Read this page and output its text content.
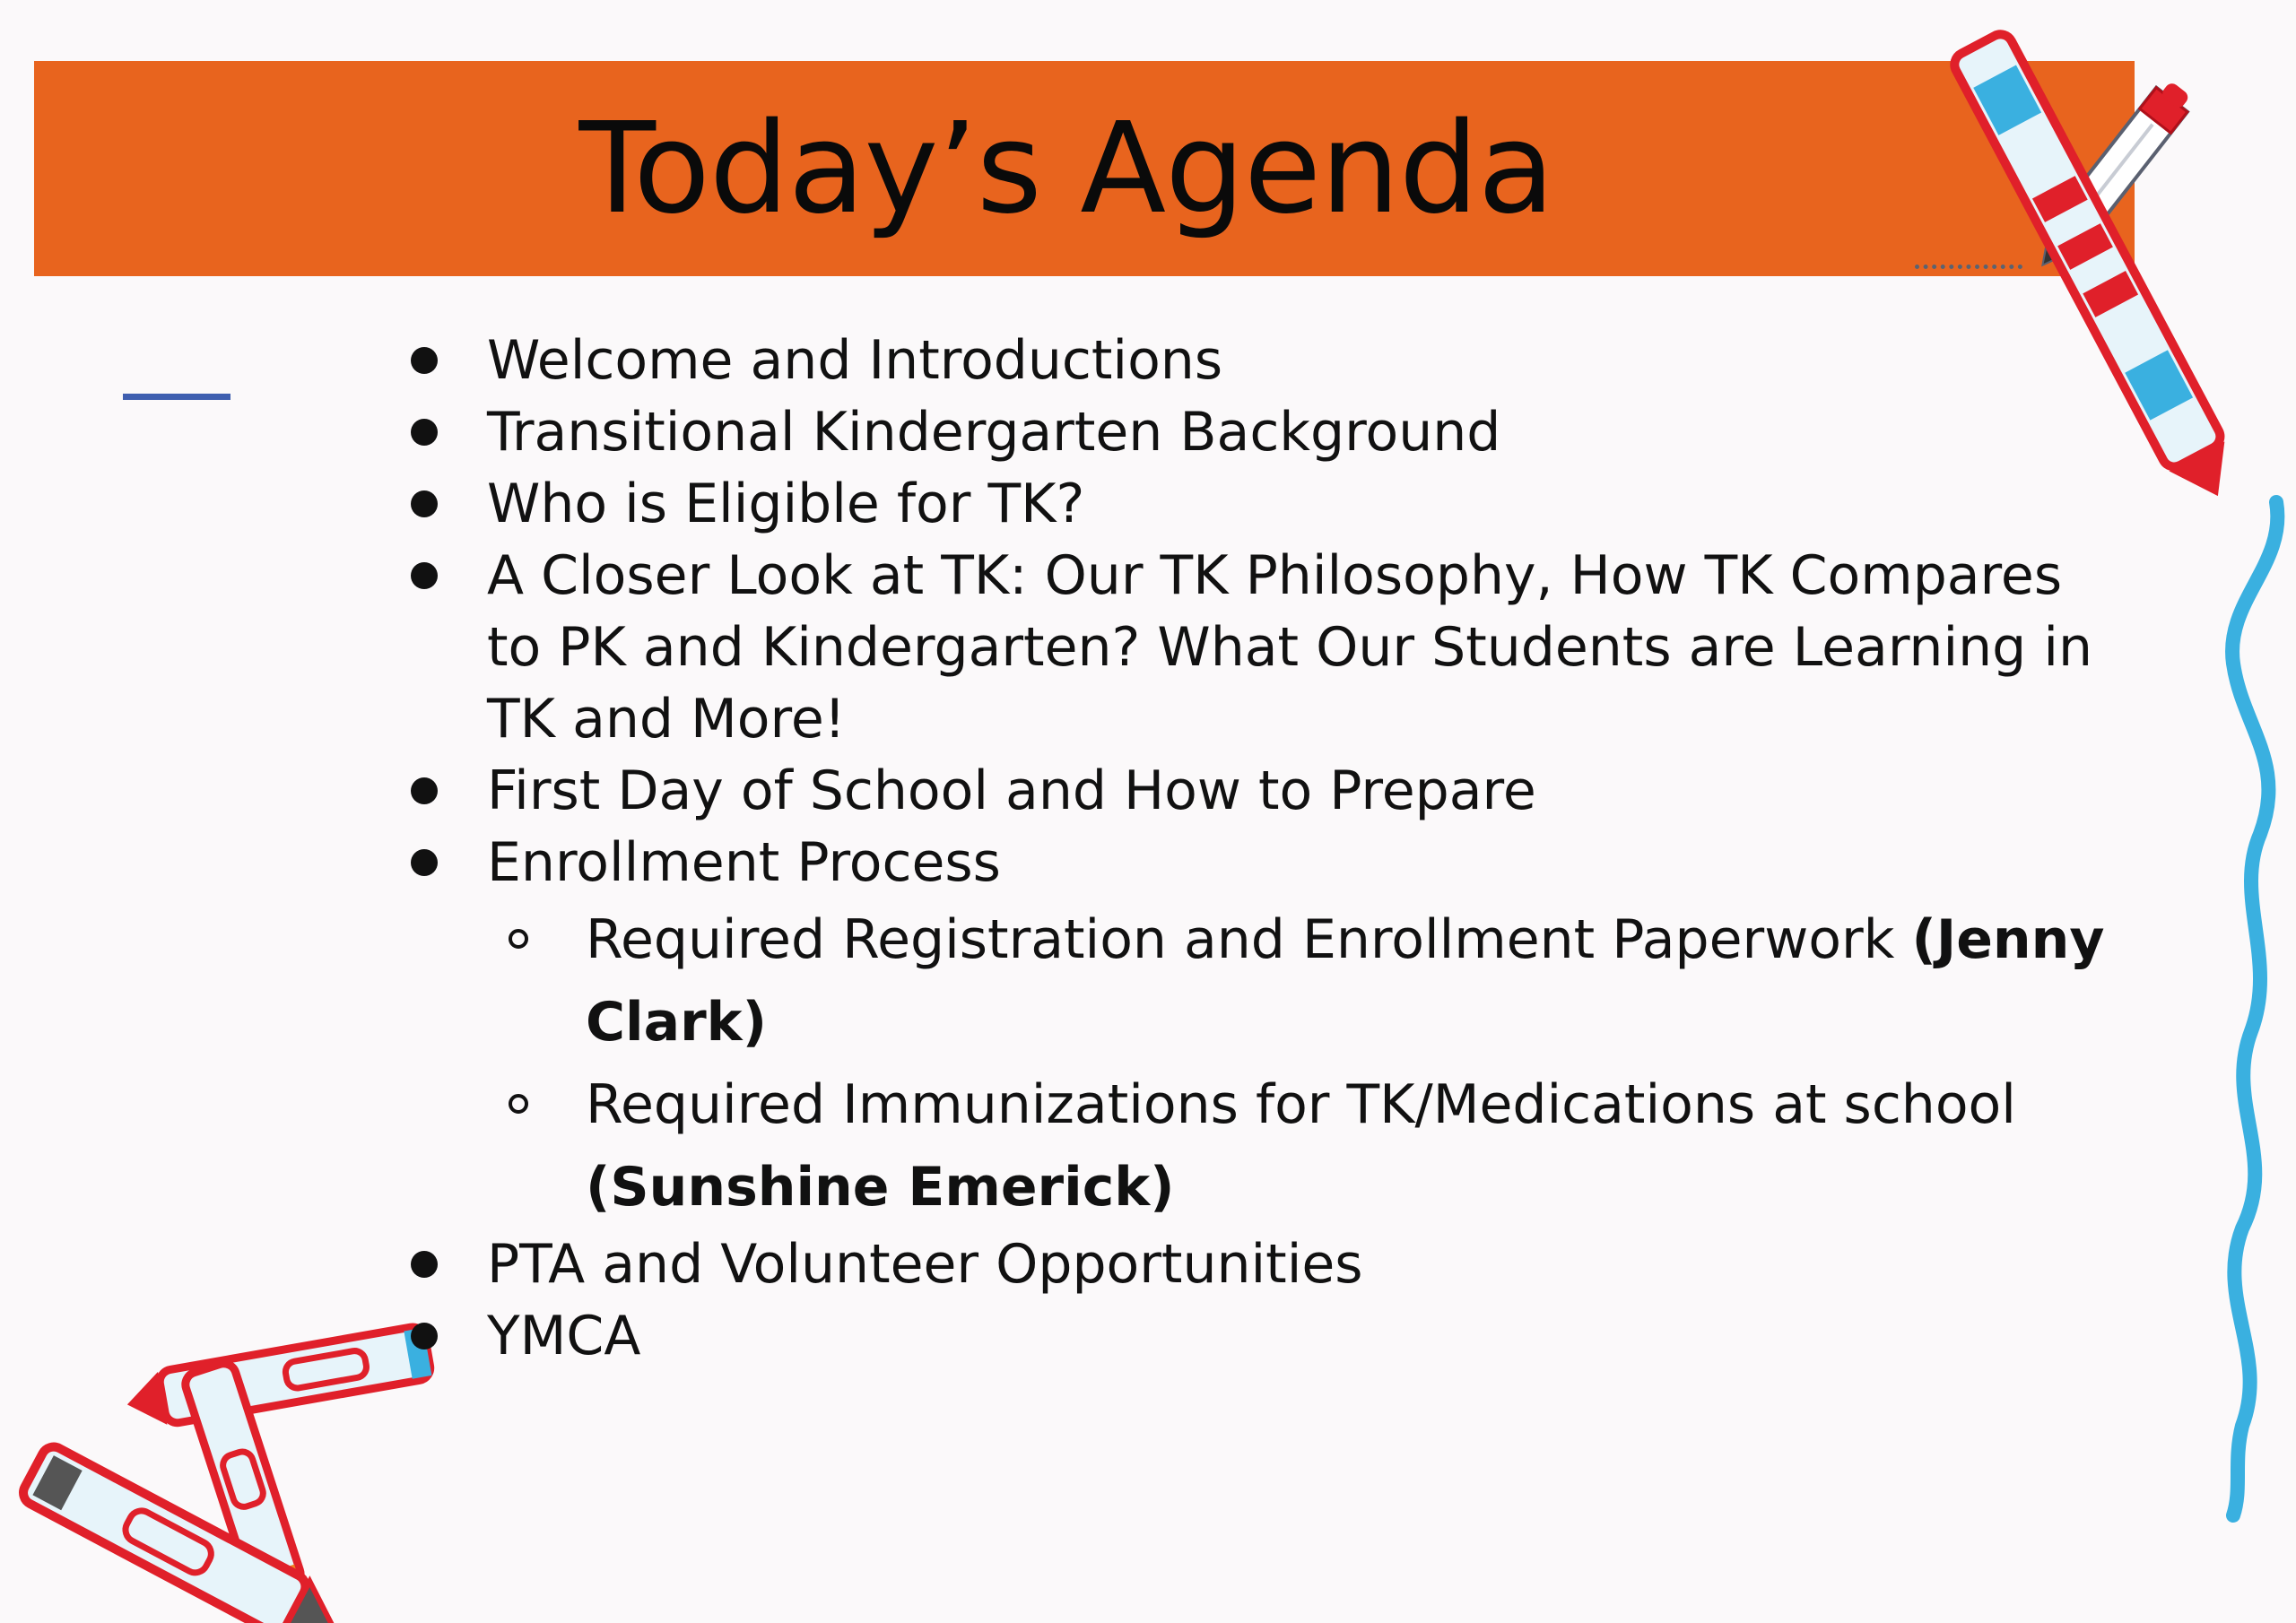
Today’s Agenda
Welcome and Introductions
Transitional Kindergarten Background
Who is Eligible for TK?
A Closer Look at TK: Our TK Philosophy, How TK Compares to PK and Kindergarten? What Our Students are Learning in TK and More!
First Day of School and How to Prepare
Enrollment Process
Required Registration and Enrollment Paperwork (Jenny Clark)
Required Immunizations for TK/Medications at school (Sunshine Emerick)
PTA and Volunteer Opportunities
YMCA
